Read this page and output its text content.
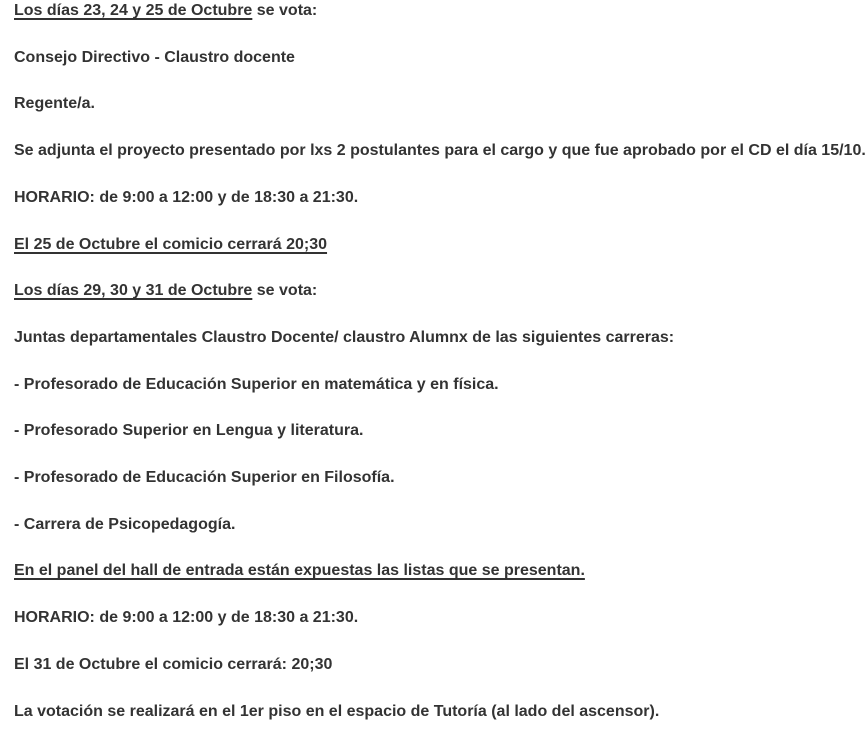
Los días 23, 24 y 25 de Octubre se vota:

Consejo Directivo - Claustro docente

Regente/a.

Se adjunta el proyecto presentado por lxs 2 postulantes para el cargo y que fue aprobado por el CD el día 15/10.

HORARIO: de 9:00 a 12:00 y de 18:30 a 21:30.

El 25 de Octubre el comicio cerrará 20;30

Los días 29, 30 y 31 de Octubre se vota:

Juntas departamentales Claustro Docente/ claustro Alumnx de las siguientes carreras:

- Profesorado de Educación Superior en matemática y en física.

- Profesorado Superior en Lengua y literatura.

- Profesorado de Educación Superior en Filosofía.

- Carrera de Psicopedagogía.

En el panel del hall de entrada están expuestas las listas que se presentan.

HORARIO: de 9:00 a 12:00 y de 18:30 a 21:30.

El 31 de Octubre el comicio cerrará: 20;30

La votación se realizará en el 1er piso en el espacio de Tutoría (al lado del ascensor).
